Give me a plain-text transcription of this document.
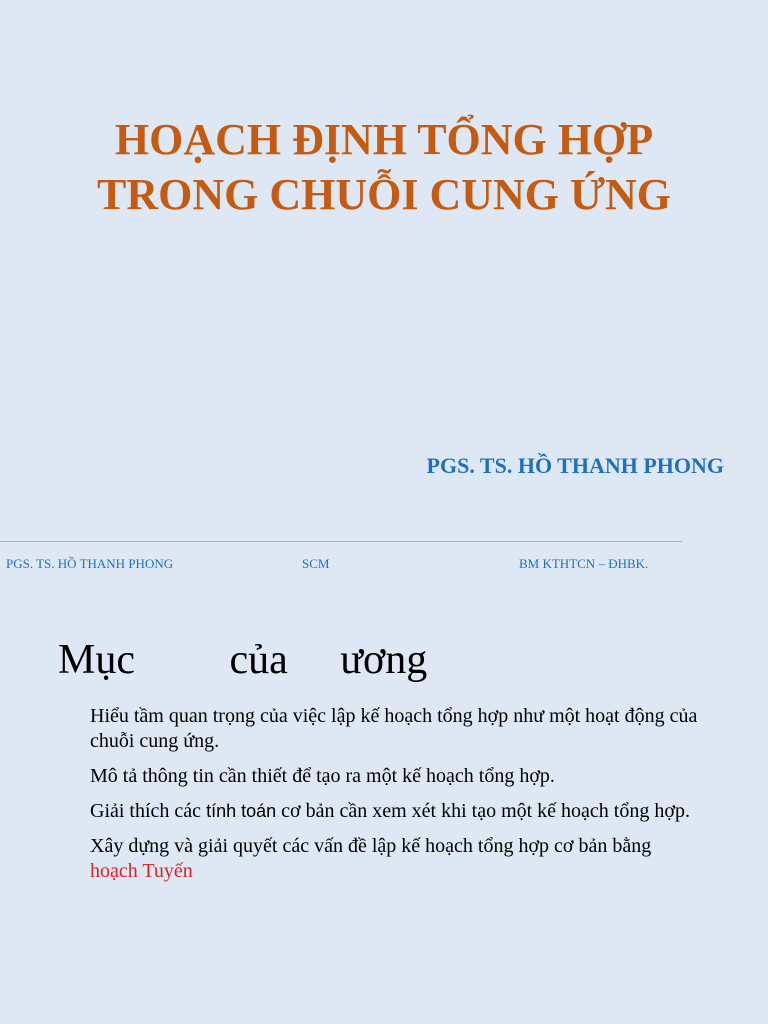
HOẠCH ĐỊNH TỔNG HỢP
TRONG CHUỖI CUNG ỨNG

PGS. TS. HỒ THANH PHONG

PGS. TS. HỒ THANH PHONG	SCM	BM KTHTCN – ĐHBK.
Mục         của     ương
Hiểu tầm quan trọng của việc lập kế hoạch tổng hợp như một hoạt động của chuỗi cung ứng.
Mô tả thông tin cần thiết để tạo ra một kế hoạch tổng hợp.
Giải thích các tính toán cơ bản cần xem xét khi tạo một kế hoạch tổng hợp.
Xây dựng và giải quyết các vấn đề lập kế hoạch tổng hợp cơ bản bằng        hoạch Tuyến
